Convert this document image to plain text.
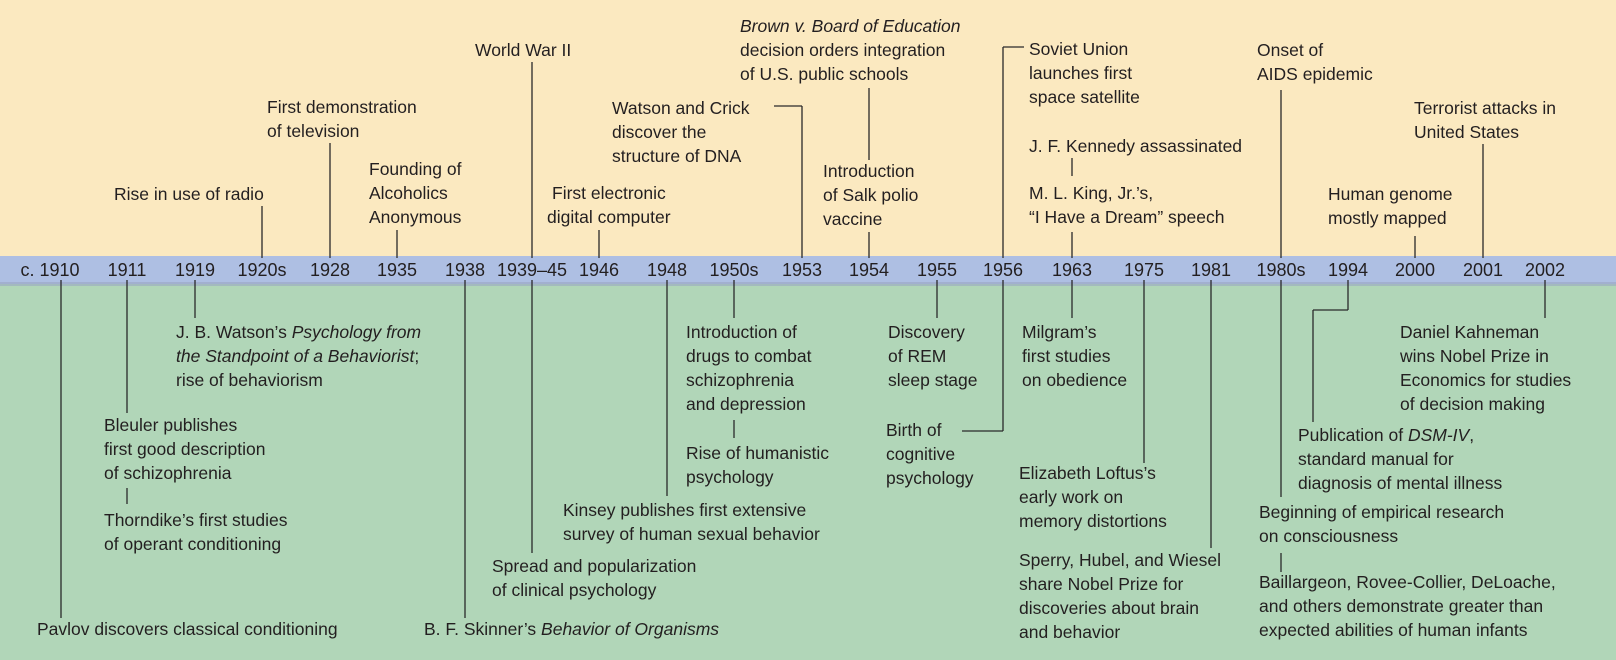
c. 1910 1911 1919 1920s 1928 1935 1938 1939–45 1946 1948 1950s 1953 1954 1955 1956 1963 1975 1981 1980s 1994 2000 2001 2002
Rise in use of radio
First demonstration
of television
Founding of
Alcoholics
Anonymous
World War II
First electronic
digital computer
Watson and Crick
discover the
structure of DNA
Brown v. Board of Education
decision orders integration
of U.S. public schools
Introduction
of Salk polio
vaccine
Soviet Union
launches first
space satellite
J. F. Kennedy assassinated
M. L. King, Jr.’s,
“I Have a Dream” speech
Onset of
AIDS epidemic
Human genome
mostly mapped
Terrorist attacks in
United States
Pavlov discovers classical conditioning
Bleuler publishes
first good description
of schizophrenia
Thorndike’s first studies
of operant conditioning
J. B. Watson’s Psychology from
the Standpoint of a Behaviorist;
rise of behaviorism
B. F. Skinner’s Behavior of Organisms
Spread and popularization
of clinical psychology
Kinsey publishes first extensive
survey of human sexual behavior
Introduction of
drugs to combat
schizophrenia
and depression
Rise of humanistic
psychology
Discovery
of REM
sleep stage
Birth of
cognitive
psychology
Milgram’s
first studies
on obedience
Elizabeth Loftus’s
early work on
memory distortions
Sperry, Hubel, and Wiesel
share Nobel Prize for
discoveries about brain
and behavior
Publication of DSM-IV,
standard manual for
diagnosis of mental illness
Beginning of empirical research
on consciousness
Baillargeon, Rovee-Collier, DeLoache,
and others demonstrate greater than
expected abilities of human infants
Daniel Kahneman
wins Nobel Prize in
Economics for studies
of decision making
